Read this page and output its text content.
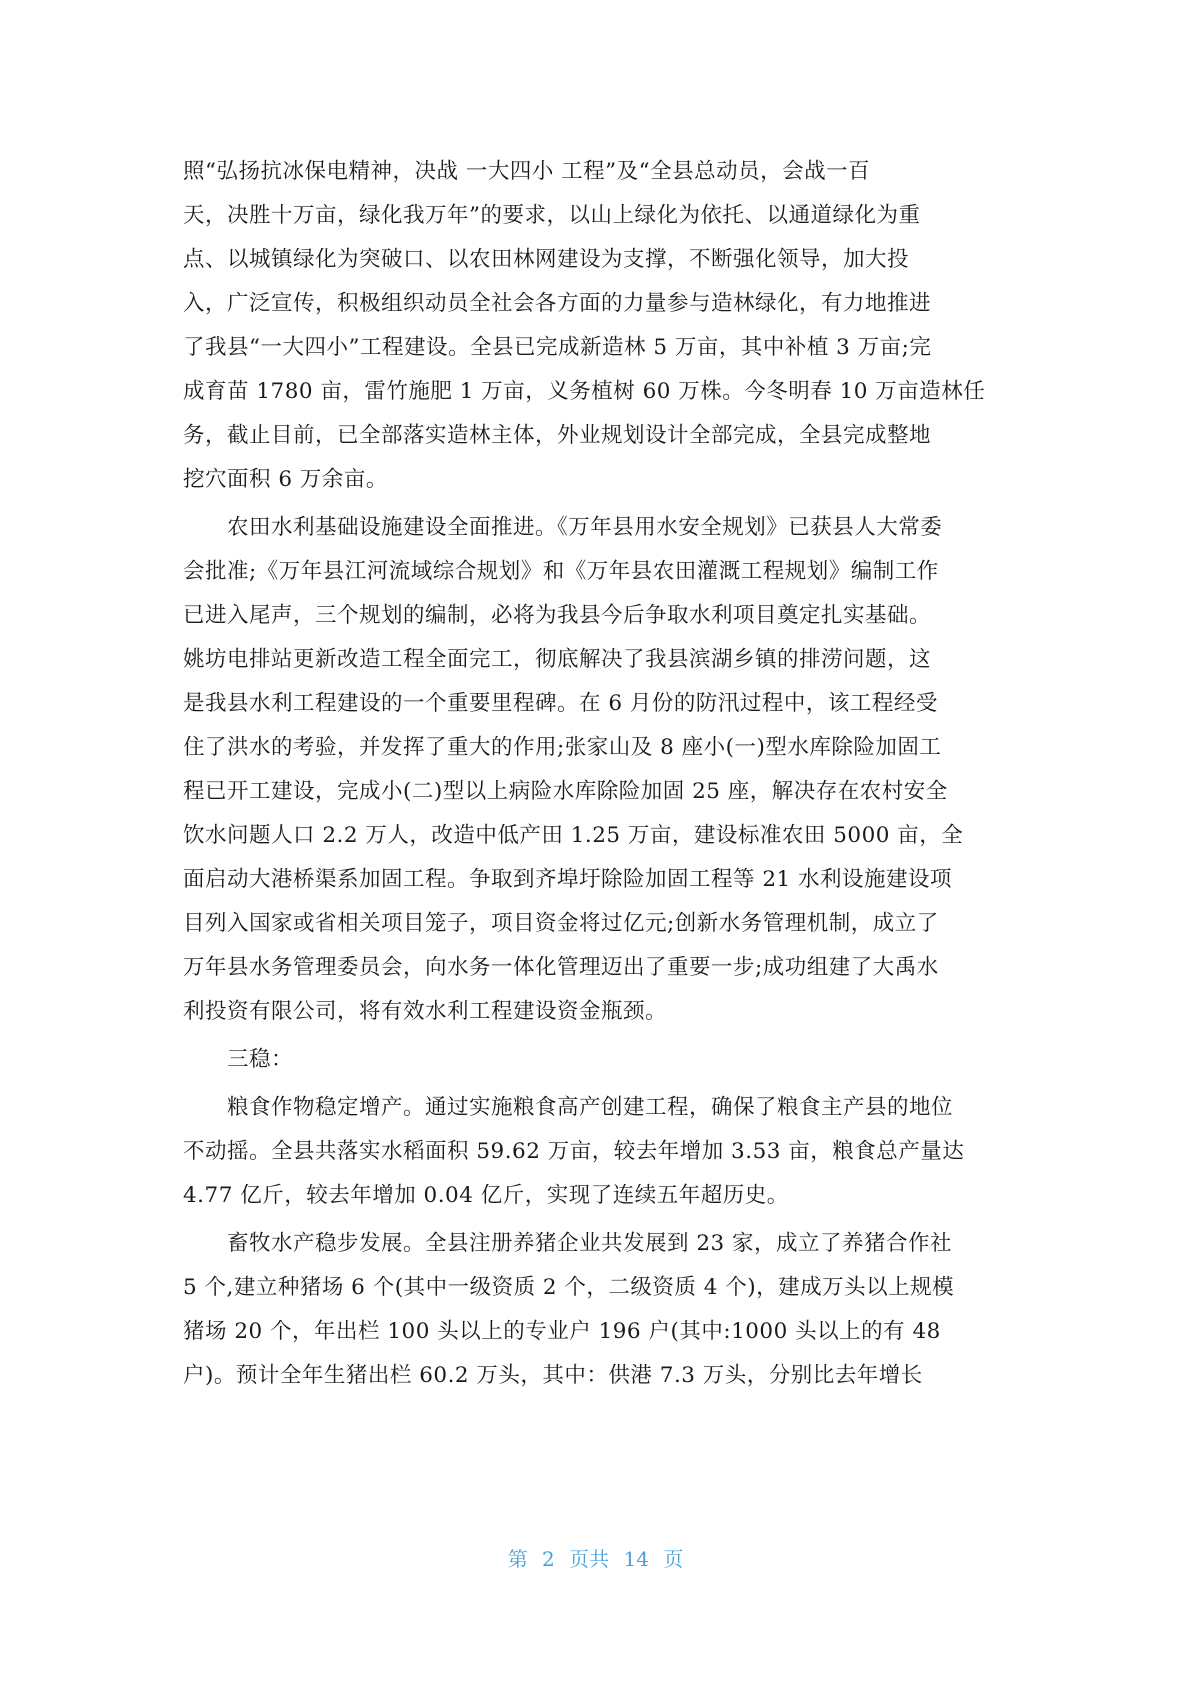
照“弘扬抗冰保电精神，决战 一大四小 工程”及“全县总动员，会战一百
天，决胜十万亩，绿化我万年”的要求，以山上绿化为依托、以通道绿化为重
点、以城镇绿化为突破口、以农田林网建设为支撑，不断强化领导，加大投
入，广泛宣传，积极组织动员全社会各方面的力量参与造林绿化，有力地推进
了我县“一大四小”工程建设。全县已完成新造林 5 万亩，其中补植 3 万亩;完
成育苗 1780 亩，雷竹施肥 1 万亩，义务植树 60 万株。今冬明春 10 万亩造林任
务，截止目前，已全部落实造林主体，外业规划设计全部完成，全县完成整地
挖穴面积 6 万余亩。
　　农田水利基础设施建设全面推进。《万年县用水安全规划》已获县人大常委
会批准;《万年县江河流域综合规划》和《万年县农田灌溉工程规划》编制工作
已进入尾声，三个规划的编制，必将为我县今后争取水利项目奠定扎实基础。
姚坊电排站更新改造工程全面完工，彻底解决了我县滨湖乡镇的排涝问题，这
是我县水利工程建设的一个重要里程碑。在 6 月份的防汛过程中，该工程经受
住了洪水的考验，并发挥了重大的作用;张家山及 8 座小(一)型水库除险加固工
程已开工建设，完成小(二)型以上病险水库除险加固 25 座，解决存在农村安全
饮水问题人口 2.2 万人，改造中低产田 1.25 万亩，建设标准农田 5000 亩，全
面启动大港桥渠系加固工程。争取到齐埠圩除险加固工程等 21 水利设施建设项
目列入国家或省相关项目笼子，项目资金将过亿元;创新水务管理机制，成立了
万年县水务管理委员会，向水务一体化管理迈出了重要一步;成功组建了大禹水
利投资有限公司，将有效水利工程建设资金瓶颈。
　　三稳：
　　粮食作物稳定增产。通过实施粮食高产创建工程，确保了粮食主产县的地位
不动摇。全县共落实水稻面积 59.62 万亩，较去年增加 3.53 亩，粮食总产量达
4.77 亿斤，较去年增加 0.04 亿斤，实现了连续五年超历史。
　　畜牧水产稳步发展。全县注册养猪企业共发展到 23 家，成立了养猪合作社
5 个,建立种猪场 6 个(其中一级资质 2 个，二级资质 4 个)，建成万头以上规模
猪场 20 个，年出栏 100 头以上的专业户 196 户(其中:1000 头以上的有 48
户)。预计全年生猪出栏 60.2 万头，其中：供港 7.3 万头，分别比去年增长
第 2 页共 14 页
